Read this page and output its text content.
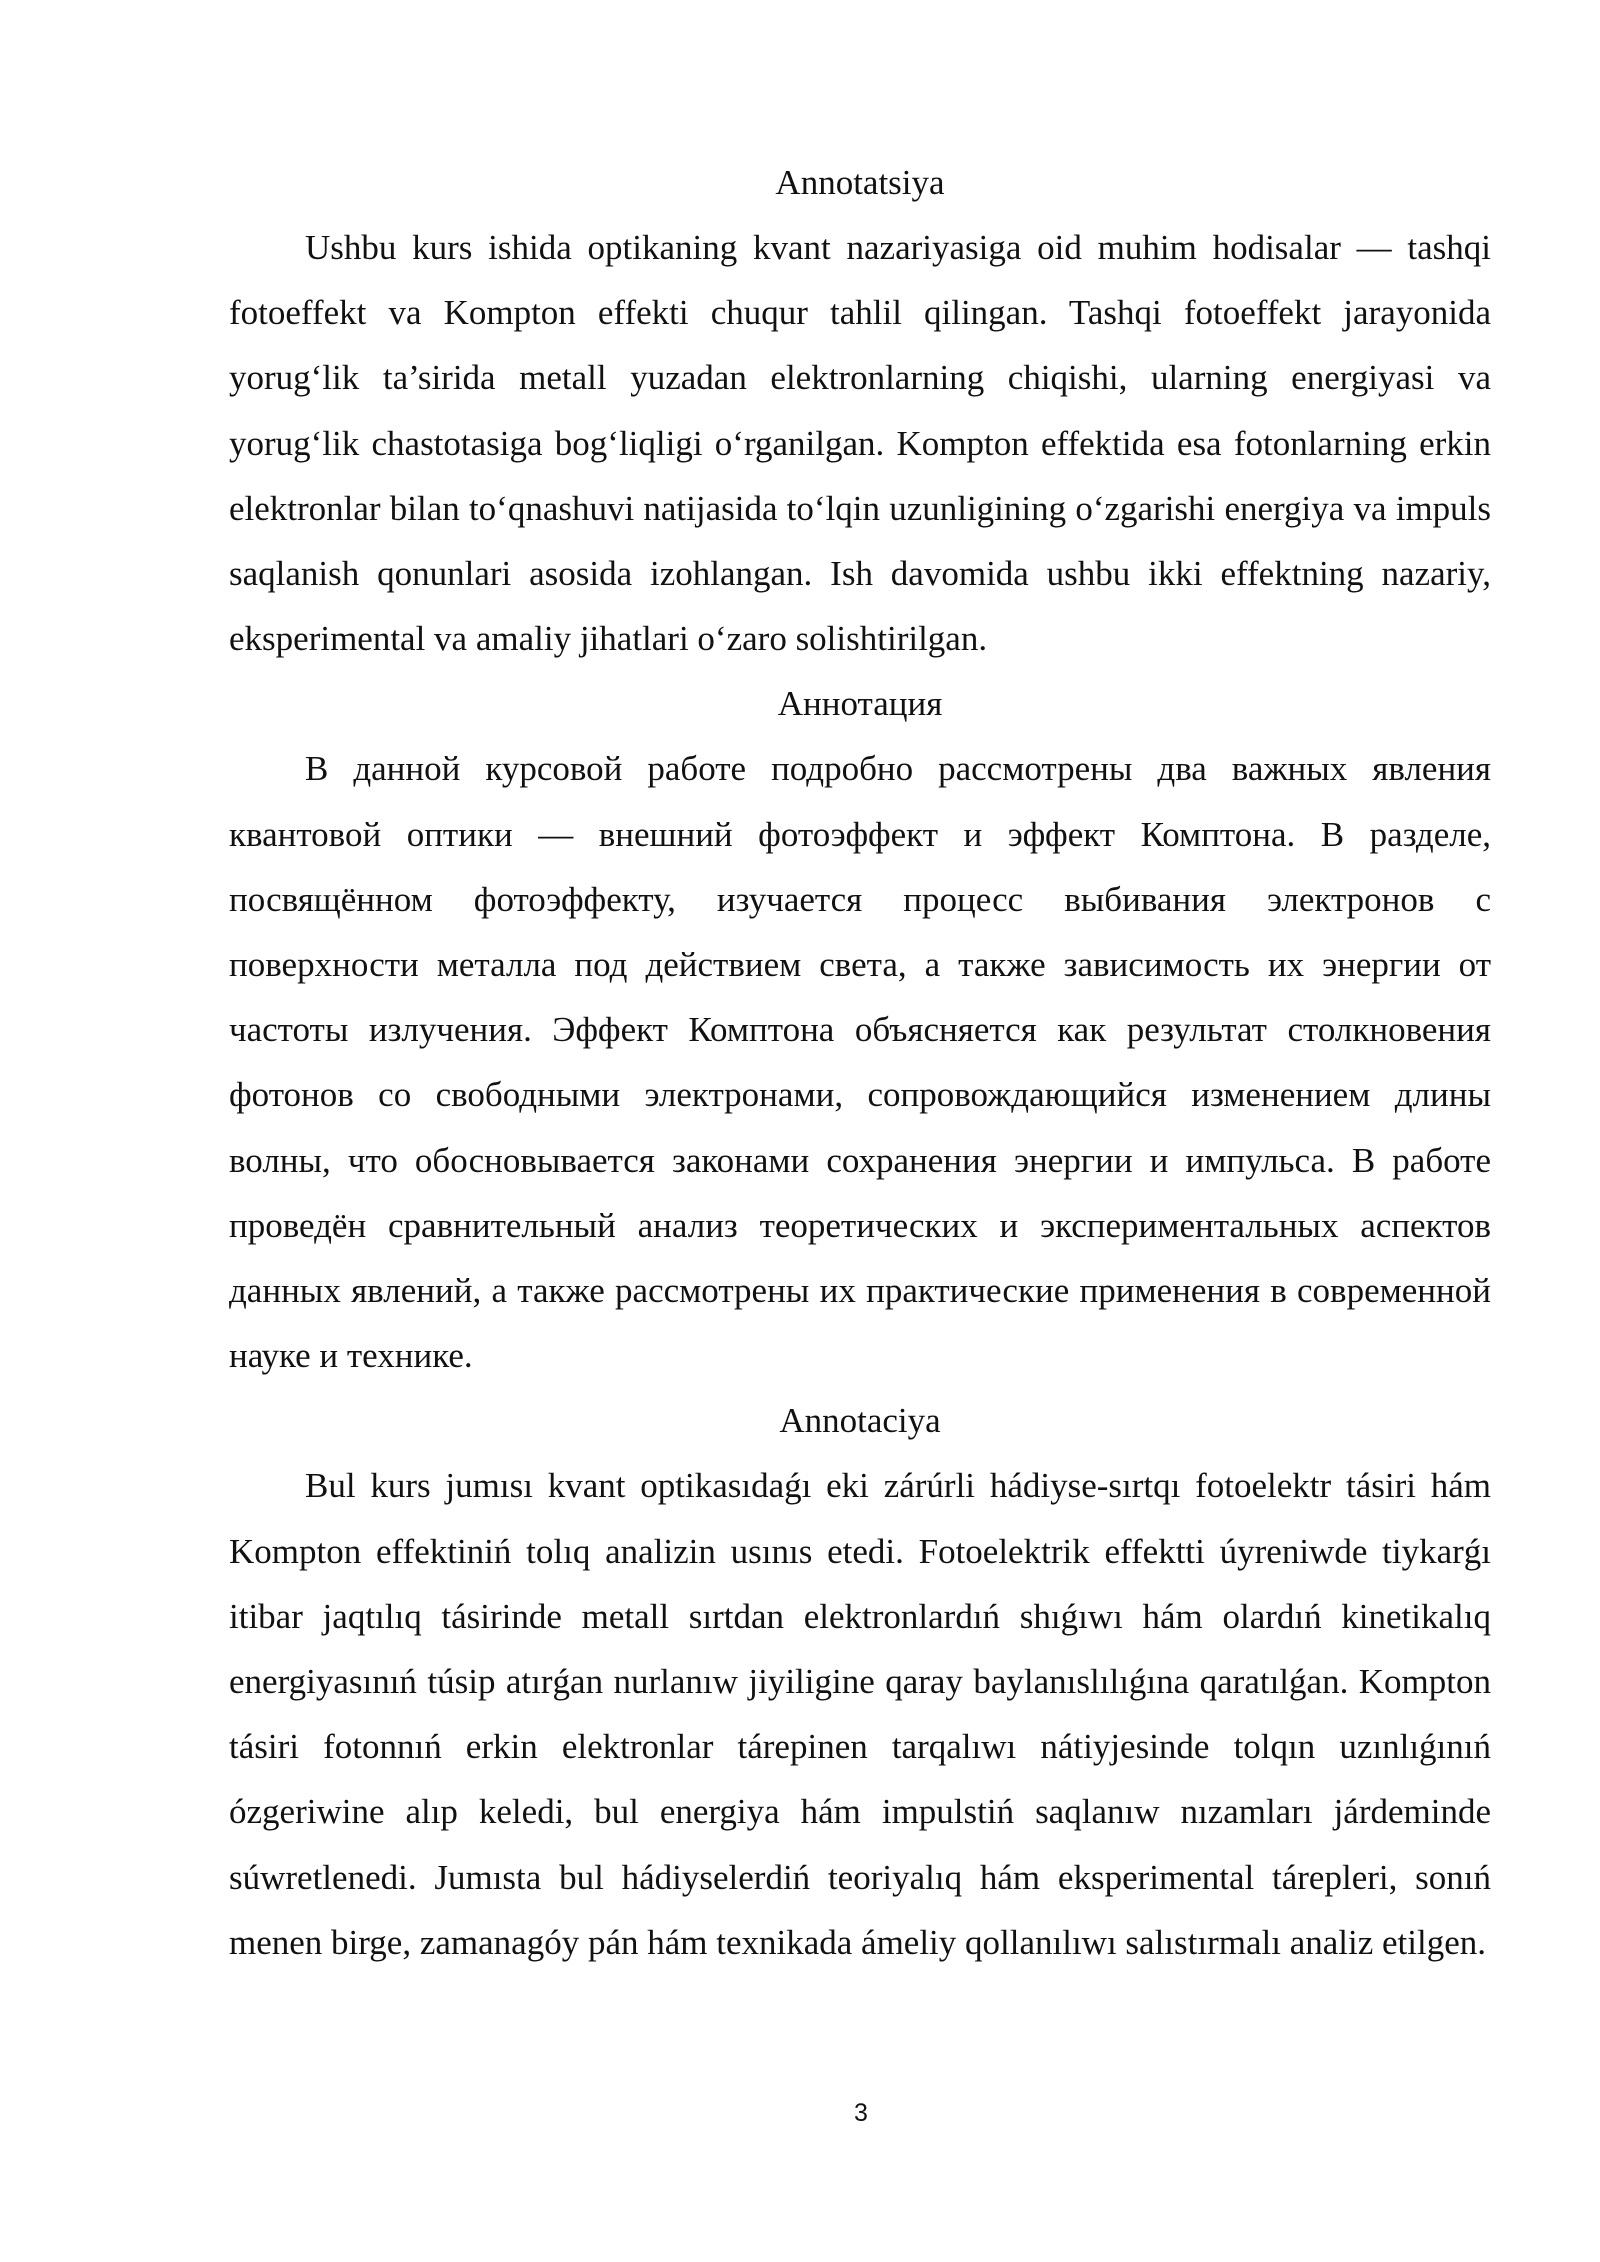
Annotatsiya

Ushbu kurs ishida optikaning kvant nazariyasiga oid muhim hodisalar — tashqi fotoeffekt va Kompton effekti chuqur tahlil qilingan. Tashqi fotoeffekt jarayonida yorug‘lik ta’sirida metall yuzadan elektronlarning chiqishi, ularning energiyasi va yorug‘lik chastotasiga bog‘liqligi o‘rganilgan. Kompton effektida esa fotonlarning erkin elektronlar bilan to‘qnashuvi natijasida to‘lqin uzunligining o‘zgarishi energiya va impuls saqlanish qonunlari asosida izohlangan. Ish davomida ushbu ikki effektning nazariy, eksperimental va amaliy jihatlari o‘zaro solishtirilgan.

Аннотация

В данной курсовой работе подробно рассмотрены два важных явления квантовой оптики — внешний фотоэффект и эффект Комптона. В разделе, посвящённом фотоэффекту, изучается процесс выбивания электронов с поверхности металла под действием света, а также зависимость их энергии от частоты излучения. Эффект Комптона объясняется как результат столкновения фотонов со свободными электронами, сопровождающийся изменением длины волны, что обосновывается законами сохранения энергии и импульса. В работе проведён сравнительный анализ теоретических и экспериментальных аспектов данных явлений, а также рассмотрены их практические применения в современной науке и технике.

Annotaciya

Bul kurs jumısı kvant optikasıdaǵı eki zárúrli hádiyse-sırtqı fotoelektr tásiri hám Kompton effektiniń tolıq analizin usınıs etedi. Fotoelektrik effektti úyreniwde tiykarǵı itibar jaqtılıq tásirinde metall sırtdan elektronlardıń shıǵıwı hám olardıń kinetikalıq energiyasınıń túsip atırǵan nurlanıw jiyiligine qaray baylanıslılıǵına qaratılǵan. Kompton tásiri fotonnıń erkin elektronlar tárepinen tarqalıwı nátiyjesinde tolqın uzınlıǵınıń ózgeriwine alıp keledi, bul energiya hám impulstiń saqlanıw nızamları járdeminde súwretlenedi. Jumısta bul hádiyselerdiń teoriyalıq hám eksperimental tárepleri, sonıń menen birge, zamanagóy pán hám texnikada ámeliy qollanılıwı salıstırmalı analiz etilgen.

3
